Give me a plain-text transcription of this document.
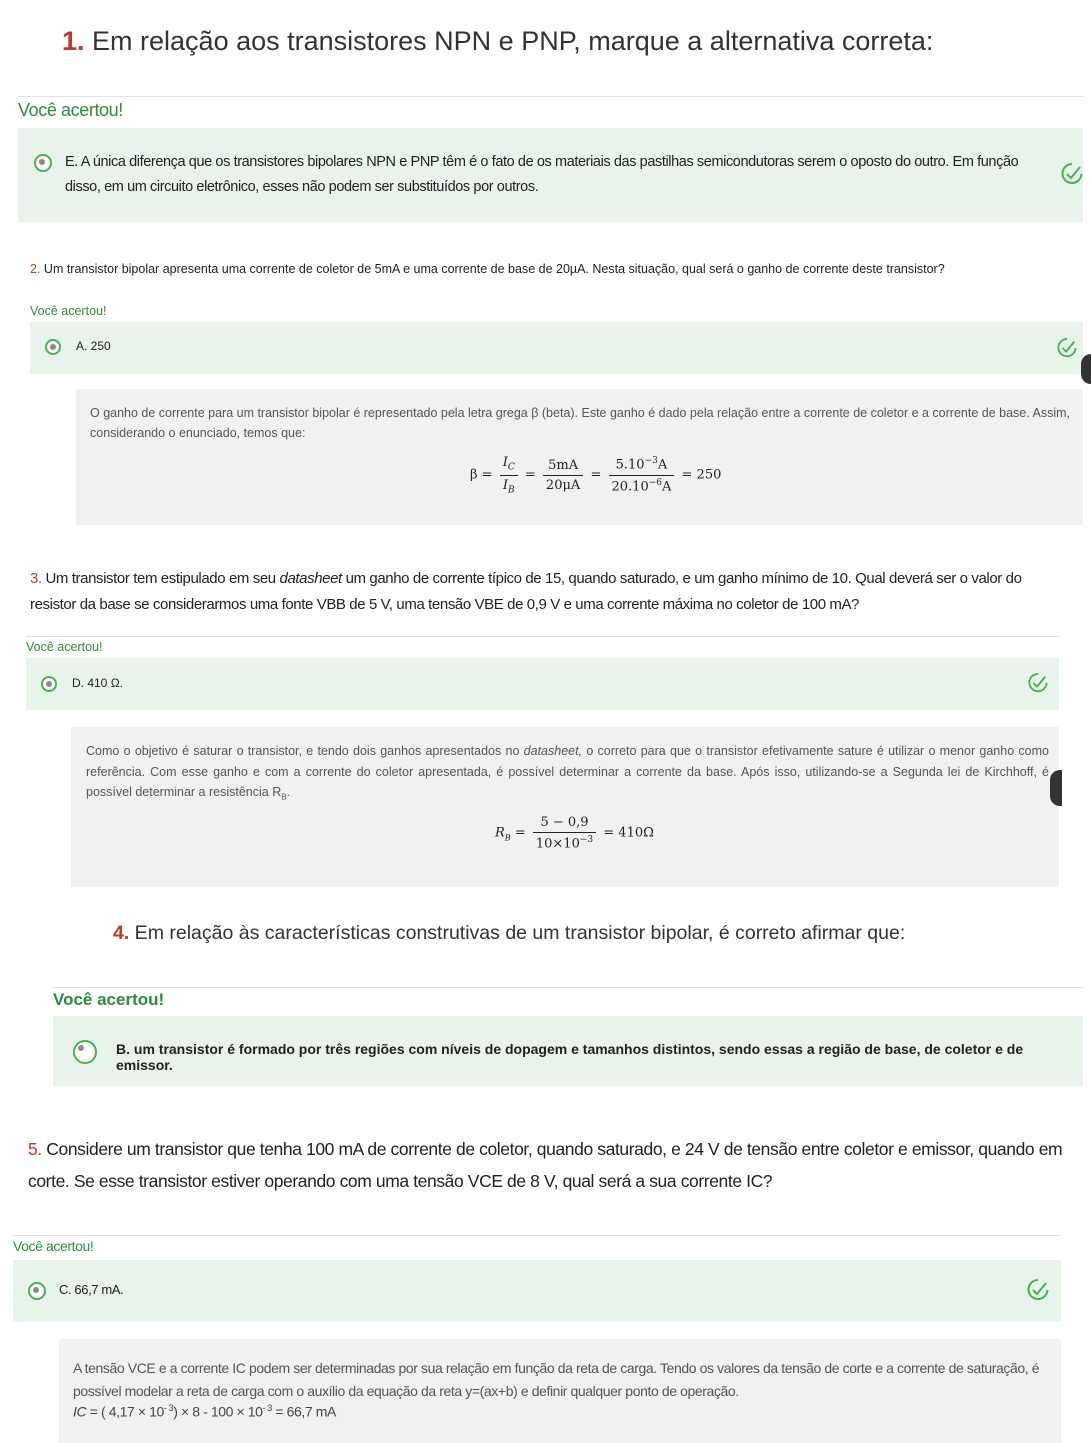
1. Em relação aos transistores NPN e PNP, marque a alternativa correta:
Você acertou!
E. A única diferença que os transistores bipolares NPN e PNP têm é o fato de os materiais das pastilhas semicondutoras serem o oposto do outro. Em função disso, em um circuito eletrônico, esses não podem ser substituídos por outros.
2. Um transistor bipolar apresenta uma corrente de coletor de 5mA e uma corrente de base de 20µA. Nesta situação, qual será o ganho de corrente deste transistor?
Você acertou!
A. 250
O ganho de corrente para um transistor bipolar é representado pela letra grega β (beta). Este ganho é dado pela relação entre a corrente de coletor e a corrente de base. Assim, considerando o enunciado, temos que:
$\beta = \frac{I_C}{I_B} = \frac{5mA}{20\mu A} = \frac{5.10^{-3}A}{20.10^{-6}A} = 250$
3. Um transistor tem estipulado em seu datasheet um ganho de corrente típico de 15, quando saturado, e um ganho mínimo de 10. Qual deverá ser o valor do resistor da base se considerarmos uma fonte VBB de 5 V, uma tensão VBE de 0,9 V e uma corrente máxima no coletor de 100 mA?
Você acertou!
D. 410 Ω.
Como o objetivo é saturar o transistor, e tendo dois ganhos apresentados no datasheet, o correto para que o transistor efetivamente sature é utilizar o menor ganho como referência. Com esse ganho e com a corrente do coletor apresentada, é possível determinar a corrente da base. Após isso, utilizando-se a Segunda lei de Kirchhoff, é possível determinar a resistência $R_B$.
$R_B = \frac{5 - 0,9}{10\times 10^{-3}} = 410\Omega$
4. Em relação às características construtivas de um transistor bipolar, é correto afirmar que:
Você acertou!
B. um transistor é formado por três regiões com níveis de dopagem e tamanhos distintos, sendo essas a região de base, de coletor e de emissor.
5. Considere um transistor que tenha 100 mA de corrente de coletor, quando saturado, e 24 V de tensão entre coletor e emissor, quando em corte. Se esse transistor estiver operando com uma tensão VCE de 8 V, qual será a sua corrente IC?
Você acertou!
C. 66,7 mA.
A tensão VCE e a corrente IC podem ser determinadas por sua relação em função da reta de carga. Tendo os valores da tensão de corte e a corrente de saturação, é possível modelar a reta de carga com o auxílio da equação da reta y=(ax+b) e definir qualquer ponto de operação.
IC = ( $4,17 \times 10^{- 3}) \times 8 - 100 \times 10^{- 3} = 66,7$ mA
